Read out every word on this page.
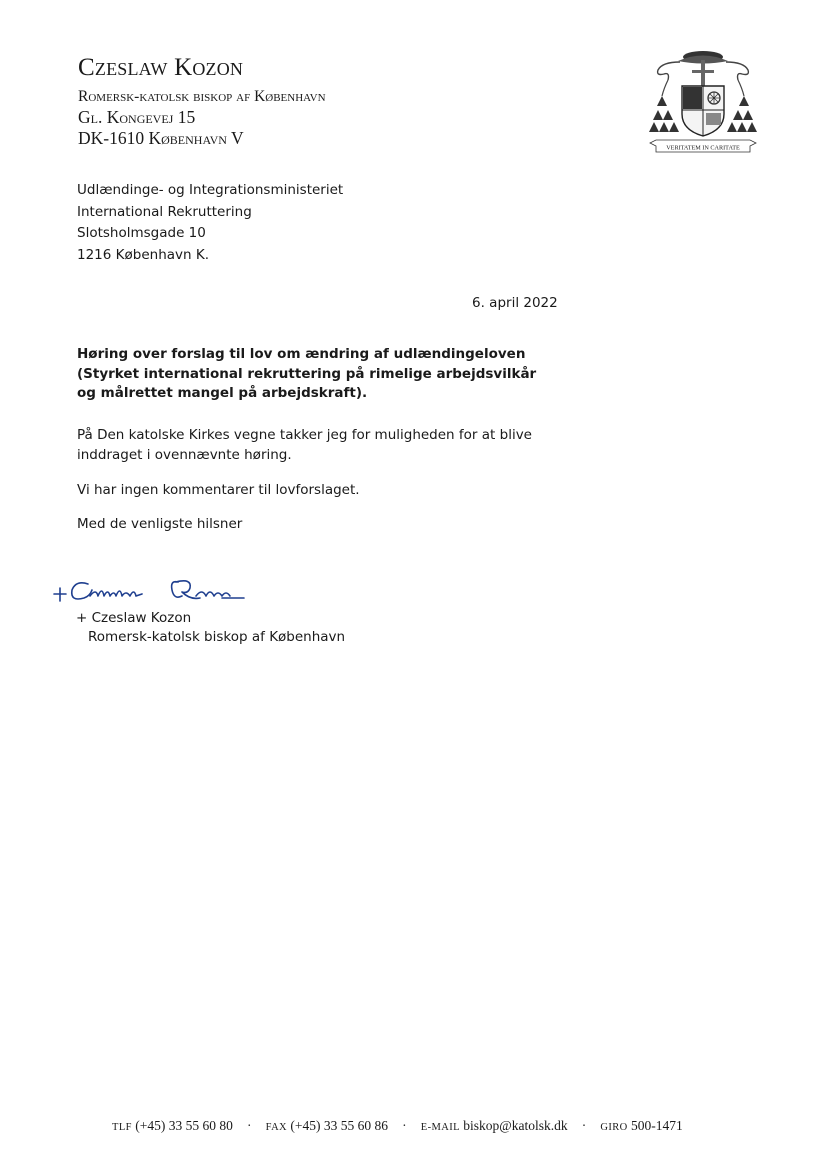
Czeslaw Kozon
Romersk-katolsk biskop af København
Gl. Kongevej 15
DK-1610 København V	VERITATEM IN CARITATE
Udlændinge- og Integrationsministeriet
International Rekruttering
Slotsholmsgade 10
1216 København K.
6. april 2022
Høring over forslag til lov om ændring af udlændingeloven (Styrket international rekruttering på rimelige arbejdsvilkår og målrettet mangel på arbejdskraft).
På Den katolske Kirkes vegne takker jeg for muligheden for at blive inddraget i ovennævnte høring.
Vi har ingen kommentarer til lovforslaget.
Med de venligste hilsner
+ Czeslaw Kozon
Romersk-katolsk biskop af København
TLF (+45) 33 55 60 80 · FAX (+45) 33 55 60 86 · E-MAIL biskop@katolsk.dk · GIRO 500-1471
